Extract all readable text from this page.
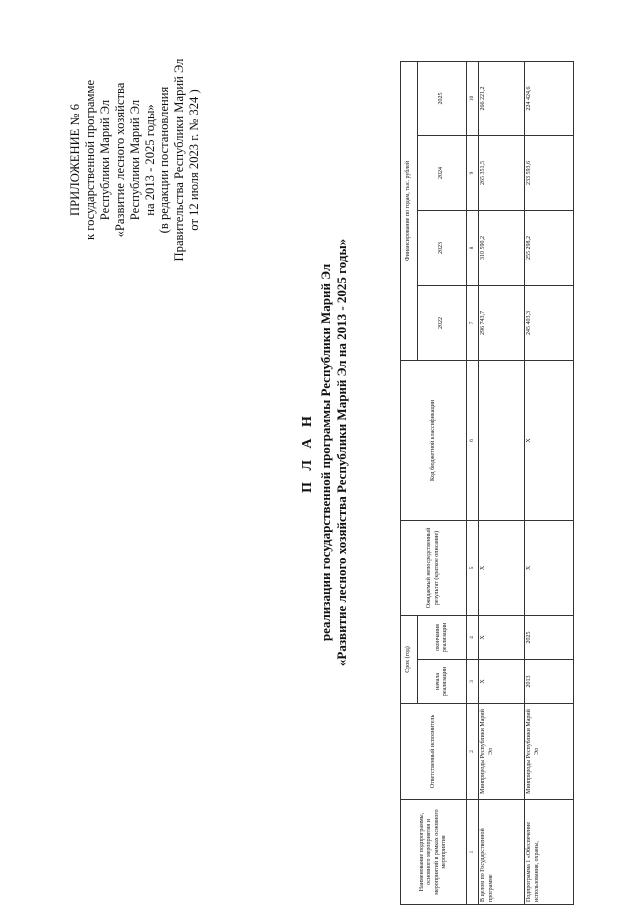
ПРИЛОЖЕНИЕ № 6 к государственной программе Республики Марий Эл «Развитие лесного хозяйства Республики Марий Эл на 2013 - 2025 годы» (в редакции постановления Правительства Республики Марий Эл от 12 июля 2023 г. № 324 )
П Л А Н реализации государственной программы Республики Марий Эл «Развитие лесного хозяйства Республики Марий Эл на 2013 - 2025 годы»
Наименование подпрограммы, основного мероприятия и мероприятий в рамках основного мероприятия	Ответственный исполнитель	Срок (год)		Ожидаемый непосредственный результат (краткое описание)	Код бюджетной классификации	Финансирование по годам, тыс. рублей			
		начала реализации	окончания реализации			2022	2023	2024	2025
1	2	3	4	5	6	7	8	9	10
В целом по Государственной программе	Минприроды Республики Марий Эл	Х	Х	Х		296 743,7	310 590,2	265 351,5	266 221,2
Подпрограмма 1 «Обеспечение использования, охраны,	Минприроды Республики Марий Эл	2013	2025	Х	Х	245 403,3	255 298,2	233 593,6	224 424,6
